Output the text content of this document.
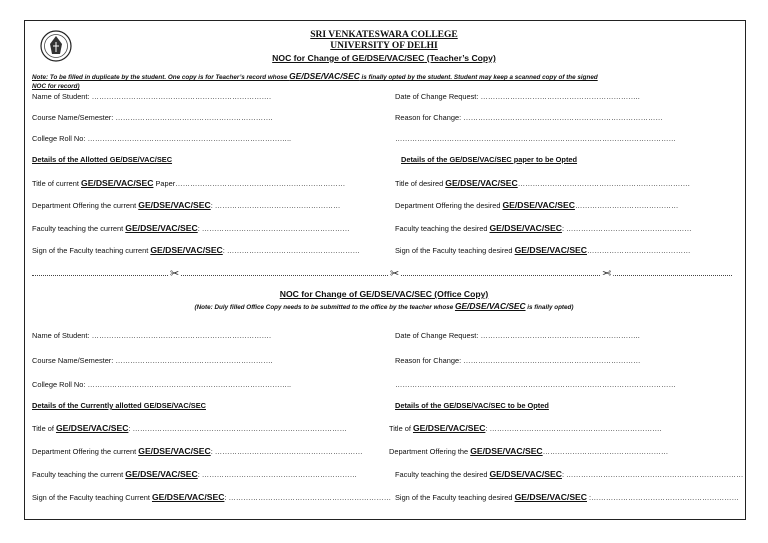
SRI VENKATESWARA COLLEGE
UNIVERSITY OF DELHI
NOC for Change of GE/DSE/VAC/SEC (Teacher’s Copy)
Note: To be filled in duplicate by the student. One copy is for Teacher’s record whose GE/DSE/VAC/SEC is finally opted by the student. Student may keep a scanned copy of the signed
NOC for record)
Name of Student: ……………………………………………………………….	Date of Change Request: ………………………………………………………..
Course Name/Semester: ……………………………………………………….	Reason for Change: ………………………………………………………………………
College Roll No: ………………………………………………………………………..	……………………………………………………………………………………………………
Details of the Allotted GE/DSE/VAC/SEC	Details of the GE/DSE/VAC/SEC paper to be Opted
Title of current GE/DSE/VAC/SEC Paper……………………………………………………………	Title of desired GE/DSE/VAC/SEC…………………………………………………………….
Department Offering the current GE/DSE/VAC/SEC: ……………………………………………	Department Offering the desired GE/DSE/VAC/SEC……………………………………
Faculty teaching the current GE/DSE/VAC/SEC: ……………………………………………………	Faculty teaching the desired GE/DSE/VAC/SEC: ……………………………………………
Sign of the Faculty teaching current GE/DSE/VAC/SEC: ………………………………………………	Sign of the Faculty teaching desired GE/DSE/VAC/SEC……………………………………
✂	✂	✂
NOC for Change of GE/DSE/VAC/SEC (Office Copy)
(Note: Duly filled Office Copy needs to be submitted to the office by the teacher whose GE/DSE/VAC/SEC is finally opted)
Name of Student: ……………………………………………………………….	Date of Change Request: ………………………………………………………..
Course Name/Semester: ……………………………………………………….	Reason for Change: ………………………………………………………………
College Roll No: ………………………………………………………………………..	……………………………………………………………………………………………………
Details of the Currently allotted GE/DSE/VAC/SEC	Details of the GE/DSE/VAC/SEC to be Opted
Title of GE/DSE/VAC/SEC: ……………………………………………………………………………	Title of GE/DSE/VAC/SEC: …………………………………………………………….
Department Offering the current GE/DSE/VAC/SEC: ……………………………………………………	Department Offering the GE/DSE/VAC/SEC……………………………………………
Faculty teaching the current GE/DSE/VAC/SEC: ………………………………………………………	Faculty teaching the desired GE/DSE/VAC/SEC: ………………………………………………………………
Sign of the Faculty teaching Current GE/DSE/VAC/SEC: ………………………………………………………… Sign of the Faculty teaching desired GE/DSE/VAC/SEC :……………………………………………………
